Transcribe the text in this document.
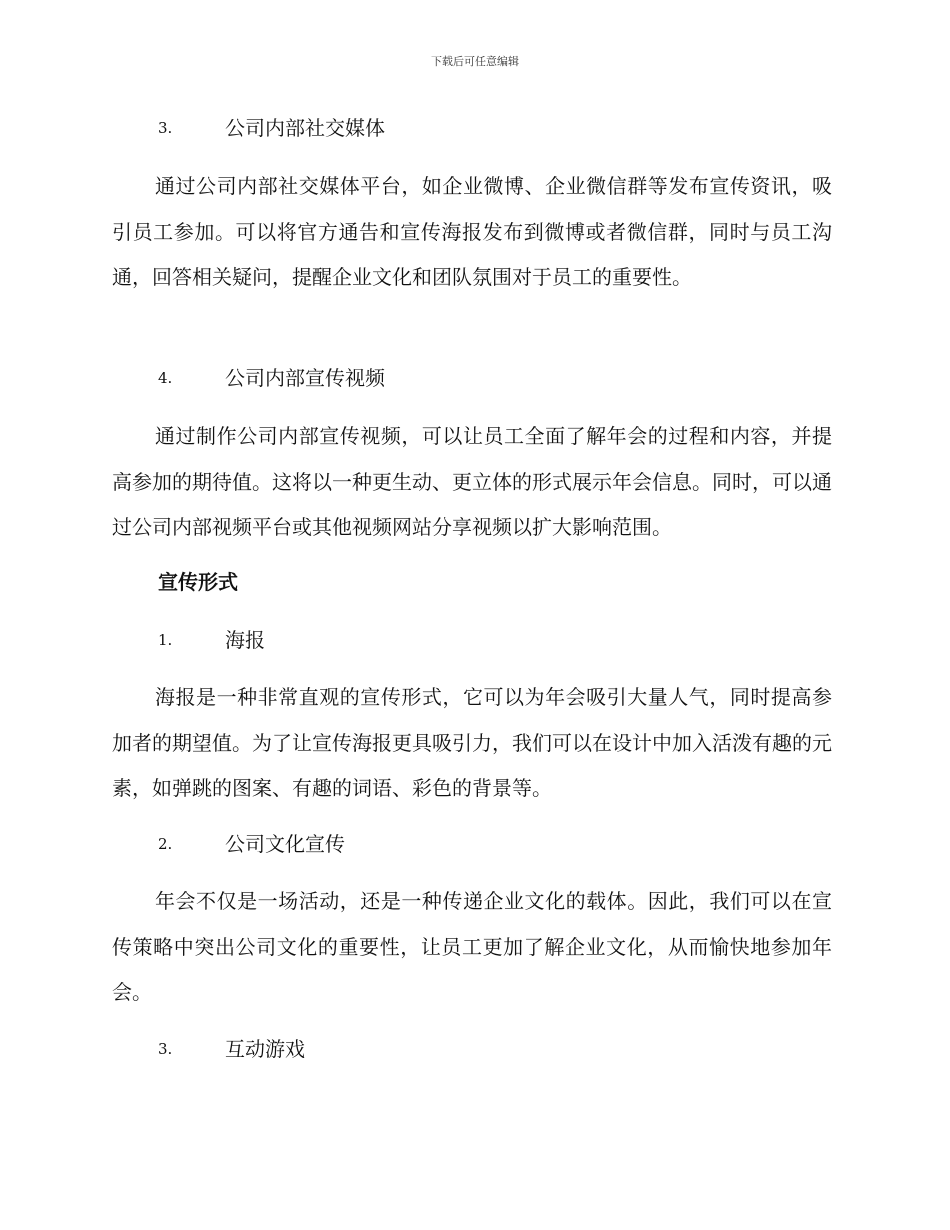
下载后可任意编辑
3.	公司内部社交媒体

通过公司内部社交媒体平台，如企业微博、企业微信群等发布宣传资讯，吸引员工参加。可以将官方通告和宣传海报发布到微博或者微信群，同时与员工沟通，回答相关疑问，提醒企业文化和团队氛围对于员工的重要性。

4.	公司内部宣传视频

通过制作公司内部宣传视频，可以让员工全面了解年会的过程和内容，并提高参加的期待值。这将以一种更生动、更立体的形式展示年会信息。同时，可以通过公司内部视频平台或其他视频网站分享视频以扩大影响范围。

宣传形式
1.	海报

海报是一种非常直观的宣传形式，它可以为年会吸引大量人气，同时提高参加者的期望值。为了让宣传海报更具吸引力，我们可以在设计中加入活泼有趣的元素，如弹跳的图案、有趣的词语、彩色的背景等。

2.	公司文化宣传

年会不仅是一场活动，还是一种传递企业文化的载体。因此，我们可以在宣传策略中突出公司文化的重要性，让员工更加了解企业文化，从而愉快地参加年会。

3.	互动游戏
